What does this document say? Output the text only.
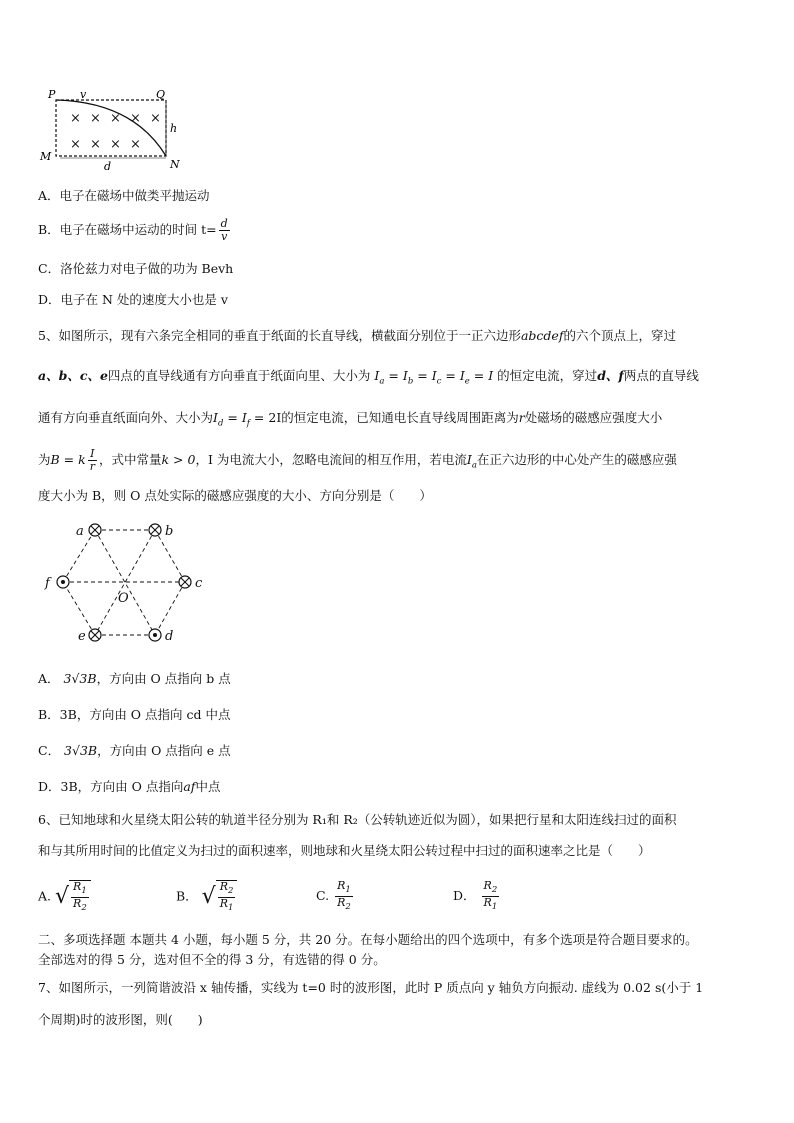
× × × × ×
× × × ×
P v	Q
h
M
N
d
A．电子在磁场中做类平抛运动
B．电子在磁场中运动的时间 $t= \frac{d}{v}$
C．洛伦兹力对电子做的功为 Bevh
D．电子在 N 处的速度大小也是 v
5、如图所示，现有六条完全相同的垂直于纸面的长直导线，横截面分别位于一正六边形abcdef的六个顶点上，穿过
a、b、c、e四点的直导线通有方向垂直于纸面向里、大小为 $I_a = I_b = I_c = I_e = I$ 的恒定电流，穿过d、f两点的直导线
通有方向垂直纸面向外、大小为$I_d = I_f = 2I$的恒定电流，已知通电长直导线周围距离为r处磁场的磁感应强度大小
为B = k $\frac{I}{r}$ ，式中常量k > 0，I 为电流大小，忽略电流间的相互作用，若电流$I_a$在正六边形的中心处产生的磁感应强
度大小为 B，则 O 点处实际的磁感应强度的大小、方向分别是（　　）
a	b
c
f
O
e	d
A． 3√3B，方向由 O 点指向 b 点
B．3B，方向由 O 点指向 cd 中点
C． 3√3B，方向由 O 点指向 e 点
D．3B，方向由 O 点指向af中点
6、已知地球和火星绕太阳公转的轨道半径分别为 R₁和 R₂（公转轨迹近似为圆），如果把行星和太阳连线扫过的面积
和与其所用时间的比值定义为扫过的面积速率，则地球和火星绕太阳公转过程中扫过的面积速率之比是（　　）
A. √ $\frac{R_1}{R_2}$	B． √ $\frac{R_2}{R_1}$	C. $\frac{R_1}{R_2}$	D． $\frac{R_2}{R_1}$
二、多项选择题 本题共 4 小题，每小题 5 分，共 20 分。在每小题给出的四个选项中，有多个选项是符合题目要求的。
全部选对的得 5 分，选对但不全的得 3 分，有选错的得 0 分。
7、如图所示，一列简谐波沿 x 轴传播，实线为 t=0 时的波形图，此时 P 质点向 y 轴负方向振动. 虚线为 0.02 s(小于 1
个周期)时的波形图，则(　　)
